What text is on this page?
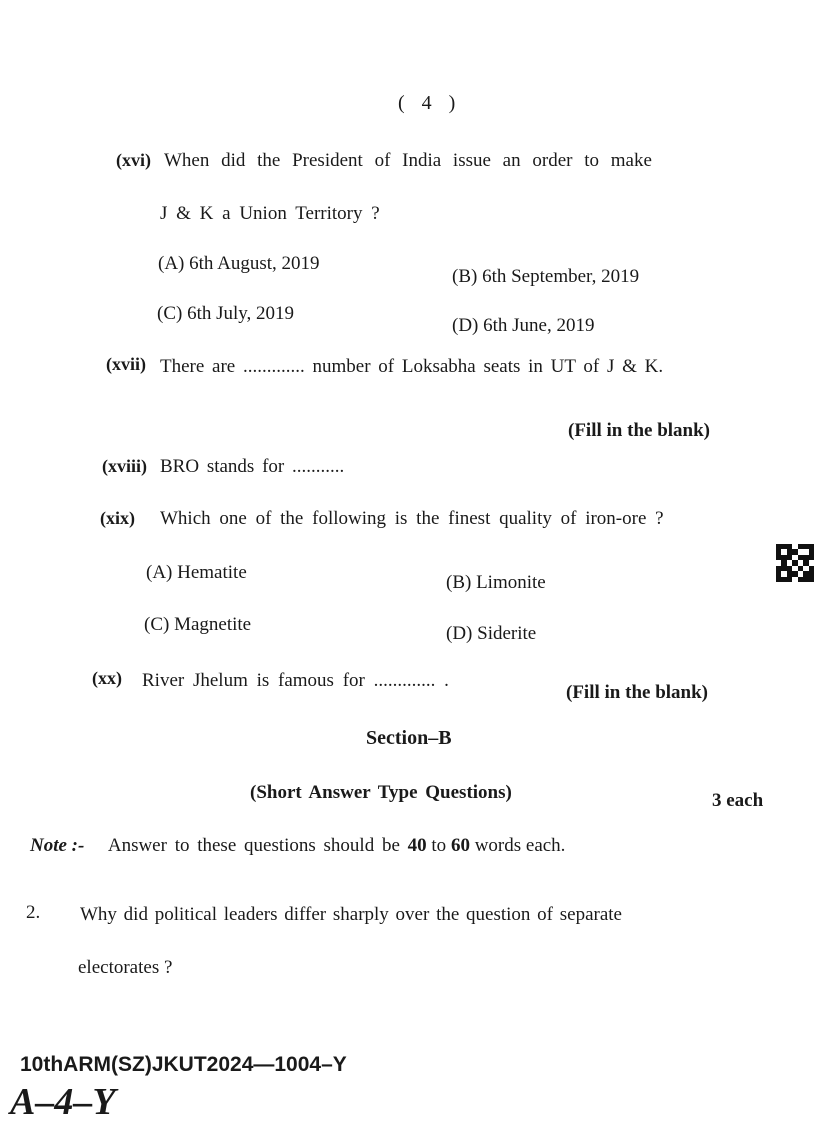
( 4 )
(xvi) When did the President of India issue an order to make
J & K a Union Territory ?
(A) 6th August, 2019
(B) 6th September, 2019
(C) 6th July, 2019
(D) 6th June, 2019
(xvii) There are ............. number of Loksabha seats in UT of J & K.
(Fill in the blank)
(xviii) BRO stands for ...........
(xix) Which one of the following is the finest quality of iron-ore ?
(A) Hematite	(B) Limonite
(C) Magnetite	(D) Siderite
(xx) River Jhelum is famous for ............. .
(Fill in the blank)
Section–B
(Short Answer Type Questions)	3 each
Note :- Answer to these questions should be 40 to 60 words each.
2. Why did political leaders differ sharply over the question of separate
electorates ?
10thARM(SZ)JKUT2024—1004–Y
A–4–Y
